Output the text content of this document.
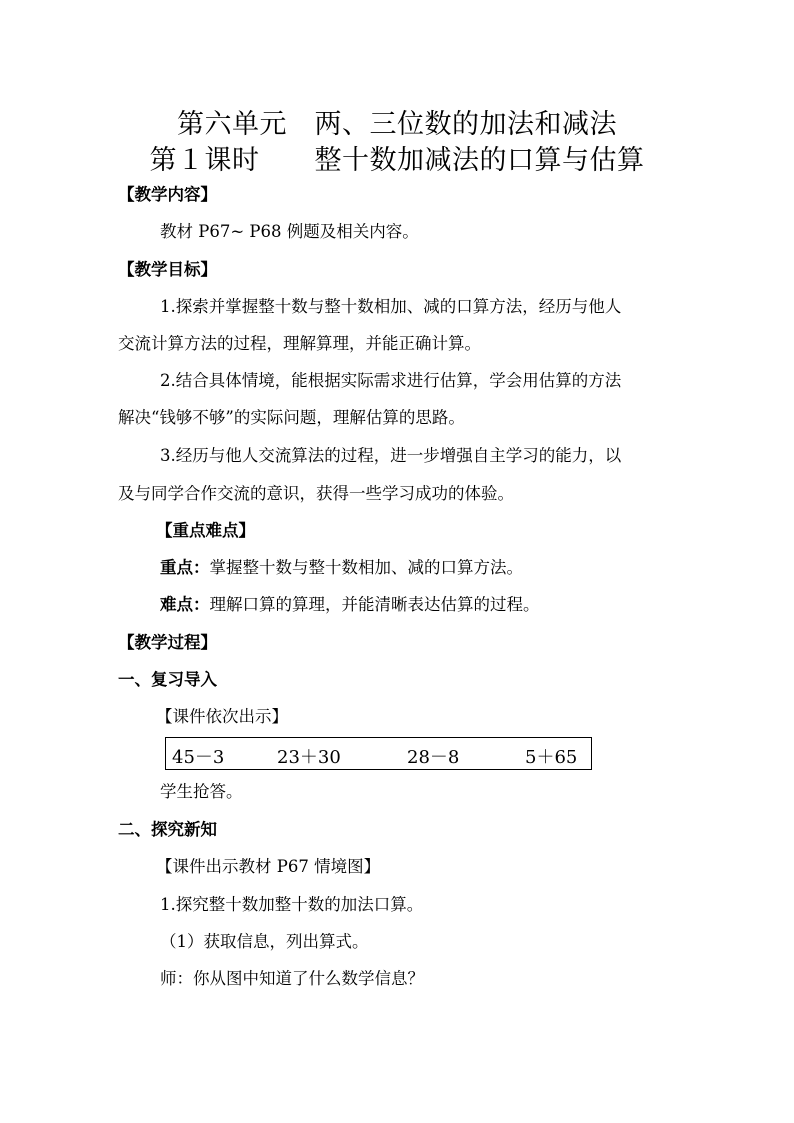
第六单元　两、三位数的加法和减法
第１课时　　整十数加减法的口算与估算
【教学内容】
教材 P67~ P68 例题及相关内容。
【教学目标】
1.探索并掌握整十数与整十数相加、减的口算方法，经历与他人
交流计算方法的过程，理解算理，并能正确计算。
2.结合具体情境，能根据实际需求进行估算，学会用估算的方法
解决“钱够不够”的实际问题，理解估算的思路。
3.经历与他人交流算法的过程，进一步增强自主学习的能力，以
及与同学合作交流的意识，获得一些学习成功的体验。
【重点难点】
重点：掌握整十数与整十数相加、减的口算方法。
难点：理解口算的算理，并能清晰表达估算的过程。
【教学过程】
一、复习导入
【课件依次出示】
45－3	23＋30	28－8	5＋65
学生抢答。
二、探究新知
【课件出示教材 P67 情境图】
1.探究整十数加整十数的加法口算。
（1）获取信息，列出算式。
师：你从图中知道了什么数学信息？
